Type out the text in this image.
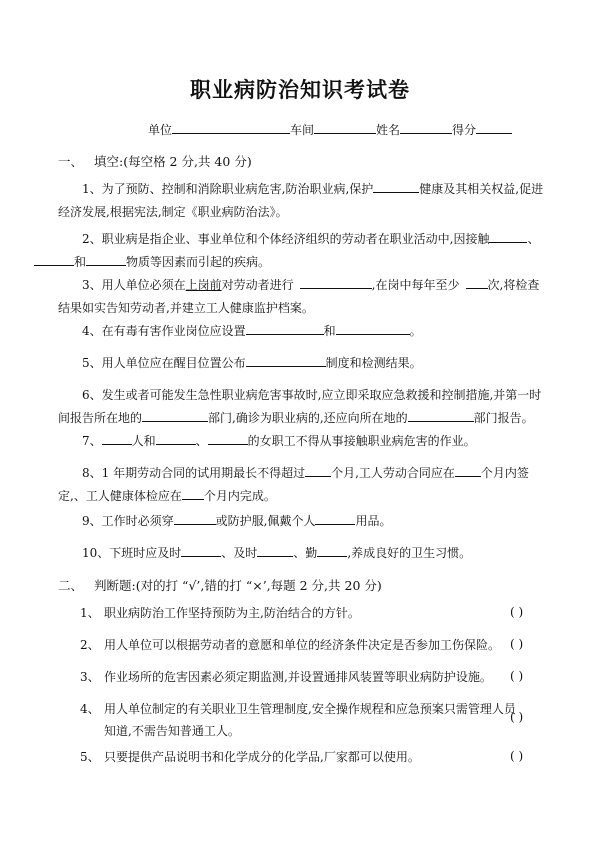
职业病防治知识考试卷
单位	车间	姓名	得分
一、 填空:(每空格 2 分,共 40 分)
1、为了预防、控制和消除职业病危害,防治职业病,保护	健康及其相关权益,促进经济发展,根据宪法,制定《职业病防治法》。
2、职业病是指企业、事业单位和个体经济组织的劳动者在职业活动中,因接触	、和	物质等因素而引起的疾病。
3、用人单位必须在上岗前对劳动者进行	,在岗中每年至少 次,将检查结果如实告知劳动者,并建立工人健康监护档案。
4、在有毒有害作业岗位应设置	和	。
5、用人单位应在醒目位置公布	制度和检测结果。
6、发生或者可能发生急性职业病危害事故时,应立即采取应急救援和控制措施,并第一时间报告所在地的	部门,确诊为职业病的,还应向所在地的	部门报告。
7、	人和	、	的女职工不得从事接触职业病危害的作业。
8、1 年期劳动合同的试用期最长不得超过 个月,工人劳动合同应在 个月内签定,、工人健康体检应在 个月内完成。
9、工作时必须穿	或防护服,佩戴个人	用品。
10、下班时应及时	、及时	、勤	,养成良好的卫生习惯。
二、 判断题:(对的打 “√’,错的打 “×’,每题 2 分,共 20 分)
1、 职业病防治工作坚持预防为主,防治结合的方针。	( )
2、 用人单位可以根据劳动者的意愿和单位的经济条件决定是否参加工伤保险。 ( )
3、 作业场所的危害因素必须定期监测,并设置通排风装置等职业病防护设施。	( )
4、 用人单位制定的有关职业卫生管理制度,安全操作规程和应急预案只需管理人员知道,不需告知普通工人。
( )
5、 只要提供产品说明书和化学成分的化学品,厂家都可以使用。	( )
